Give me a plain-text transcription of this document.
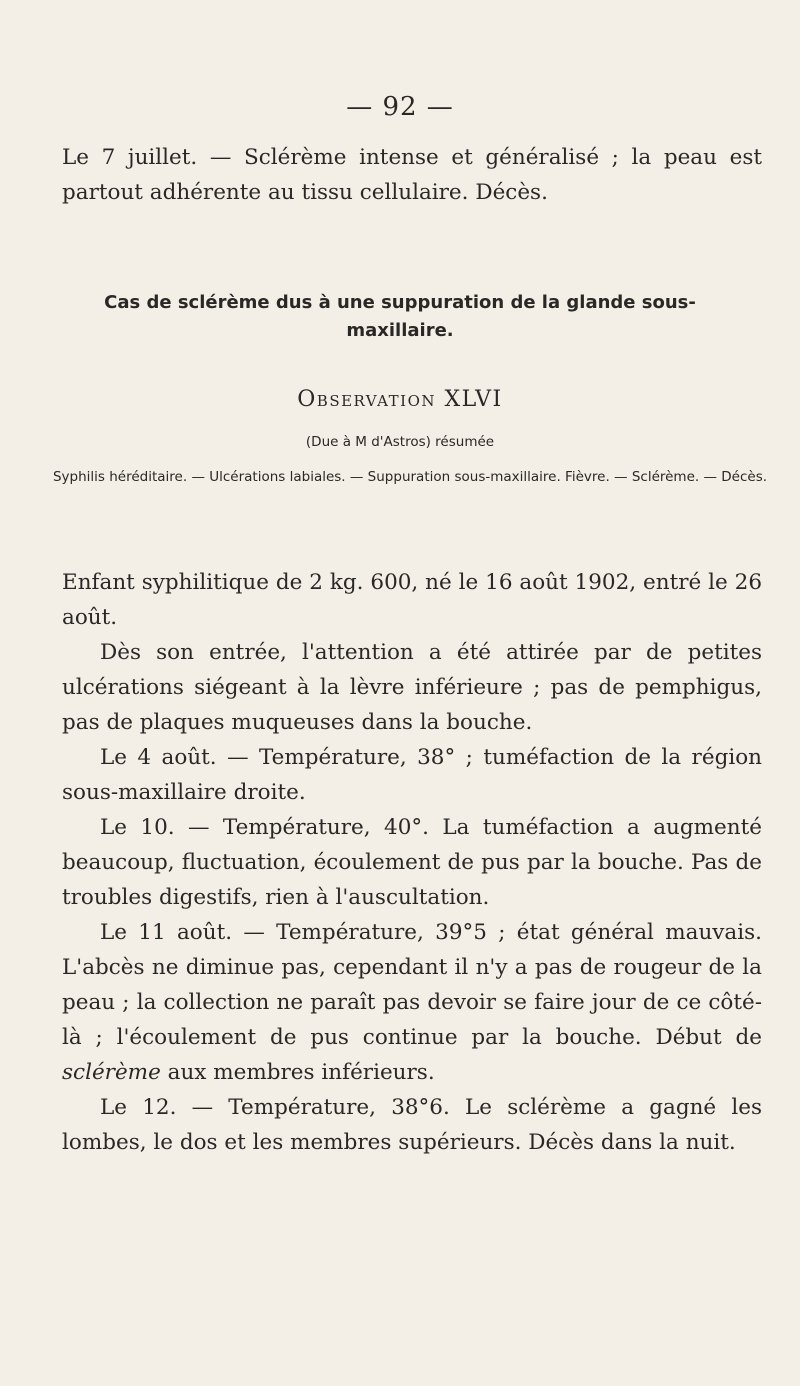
— 92 —

Le 7 juillet. — Sclérème intense et généralisé ; la peau est partout adhérente au tissu cellulaire. Décès.

Cas de sclérème dus à une suppuration de la glande sous-maxillaire.

Observation XLVI
(Due à M d'Astros) résumée

Syphilis héréditaire. — Ulcérations labiales. — Suppuration sous-maxillaire. Fièvre. — Sclérème. — Décès.

Enfant syphilitique de 2 kg. 600, né le 16 août 1902, entré le 26 août.

Dès son entrée, l'attention a été attirée par de petites ulcérations siégeant à la lèvre inférieure ; pas de pemphigus, pas de plaques muqueuses dans la bouche.

Le 4 août. — Température, 38° ; tuméfaction de la région sous-maxillaire droite.

Le 10. — Température, 40°. La tuméfaction a augmenté beaucoup, fluctuation, écoulement de pus par la bouche. Pas de troubles digestifs, rien à l'auscultation.

Le 11 août. — Température, 39°5 ; état général mauvais. L'abcès ne diminue pas, cependant il n'y a pas de rougeur de la peau ; la collection ne paraît pas devoir se faire jour de ce côté-là ; l'écoulement de pus continue par la bouche. Début de sclérème aux membres inférieurs.

Le 12. — Température, 38°6. Le sclérème a gagné les lombes, le dos et les membres supérieurs. Décès dans la nuit.
